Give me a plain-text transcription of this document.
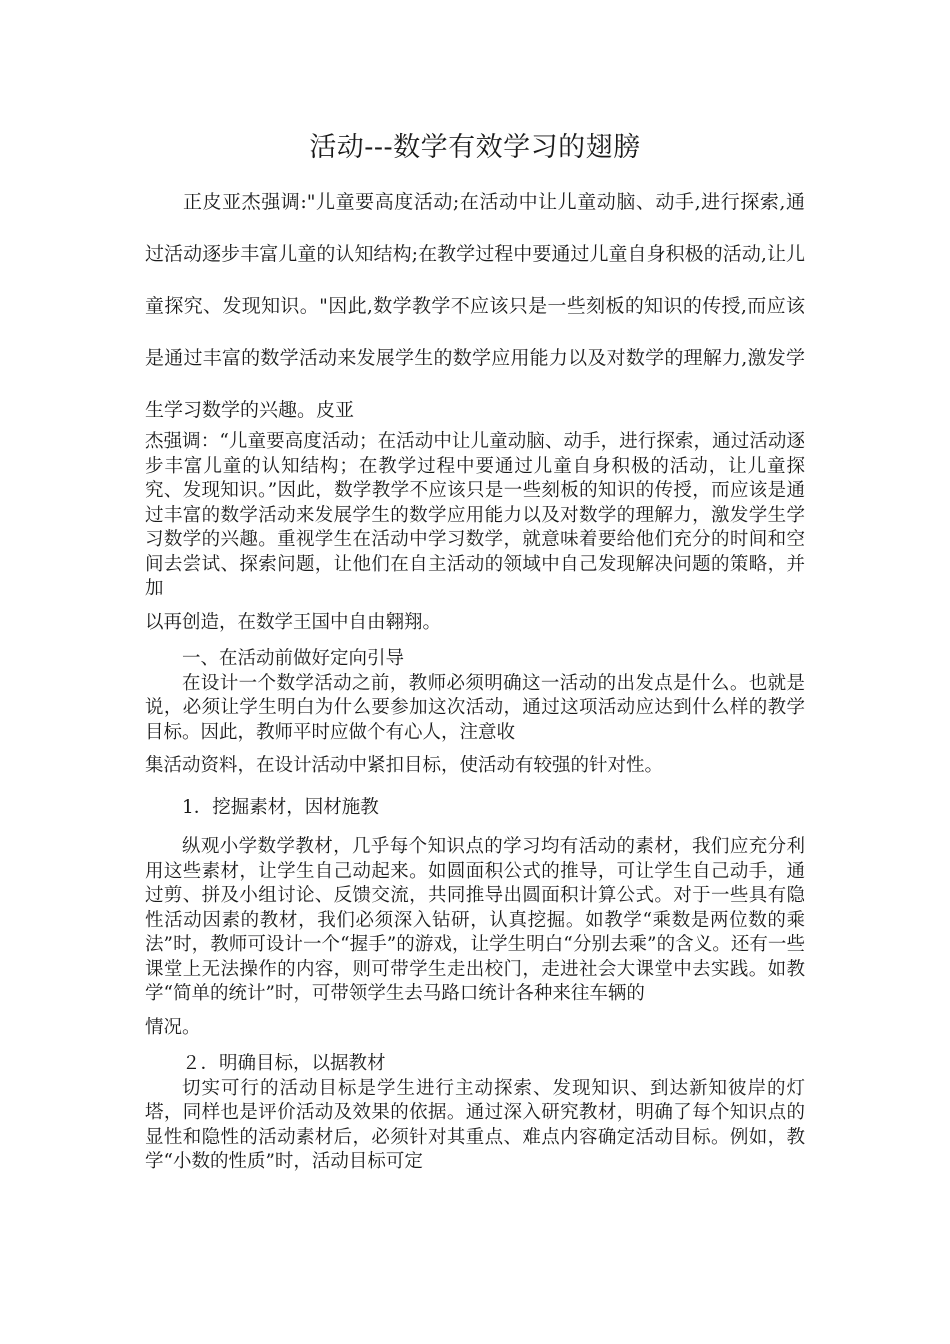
活动---数学有效学习的翅膀

正皮亚杰强调:"儿童要高度活动;在活动中让儿童动脑、动手,进行探索,通过活动逐步丰富儿童的认知结构;在教学过程中要通过儿童自身积极的活动,让儿童探究、发现知识。"因此,数学教学不应该只是一些刻板的知识的传授,而应该是通过丰富的数学活动来发展学生的数学应用能力以及对数学的理解力,激发学生学习数学的兴趣。皮亚

杰强调：“儿童要高度活动；在活动中让儿童动脑、动手，进行探索，通过活动逐步丰富儿童的认知结构；在教学过程中要通过儿童自身积极的活动，让儿童探究、发现知识。”因此，数学教学不应该只是一些刻板的知识的传授，而应该是通过丰富的数学活动来发展学生的数学应用能力以及对数学的理解力，激发学生学习数学的兴趣。重视学生在活动中学习数学，就意味着要给他们充分的时间和空间去尝试、探索问题，让他们在自主活动的领域中自己发现解决问题的策略，并加

以再创造，在数学王国中自由翱翔。

一、在活动前做好定向引导

在设计一个数学活动之前，教师必须明确这一活动的出发点是什么。也就是说，必须让学生明白为什么要参加这次活动，通过这项活动应达到什么样的教学目标。因此，教师平时应做个有心人，注意收

集活动资料，在设计活动中紧扣目标，使活动有较强的针对性。

1．挖掘素材，因材施教

纵观小学数学教材，几乎每个知识点的学习均有活动的素材，我们应充分利用这些素材，让学生自己动起来。如圆面积公式的推导，可让学生自己动手，通过剪、拼及小组讨论、反馈交流，共同推导出圆面积计算公式。对于一些具有隐性活动因素的教材，我们必须深入钻研，认真挖掘。如教学“乘数是两位数的乘法”时，教师可设计一个“握手”的游戏，让学生明白“分别去乘”的含义。还有一些课堂上无法操作的内容，则可带学生走出校门，走进社会大课堂中去实践。如教学“简单的统计”时，可带领学生去马路口统计各种来往车辆的

情况。

２．明确目标，以据教材

切实可行的活动目标是学生进行主动探索、发现知识、到达新知彼岸的灯塔，同样也是评价活动及效果的依据。通过深入研究教材，明确了每个知识点的显性和隐性的活动素材后，必须针对其重点、难点内容确定活动目标。例如，教学“小数的性质”时，活动目标可定
